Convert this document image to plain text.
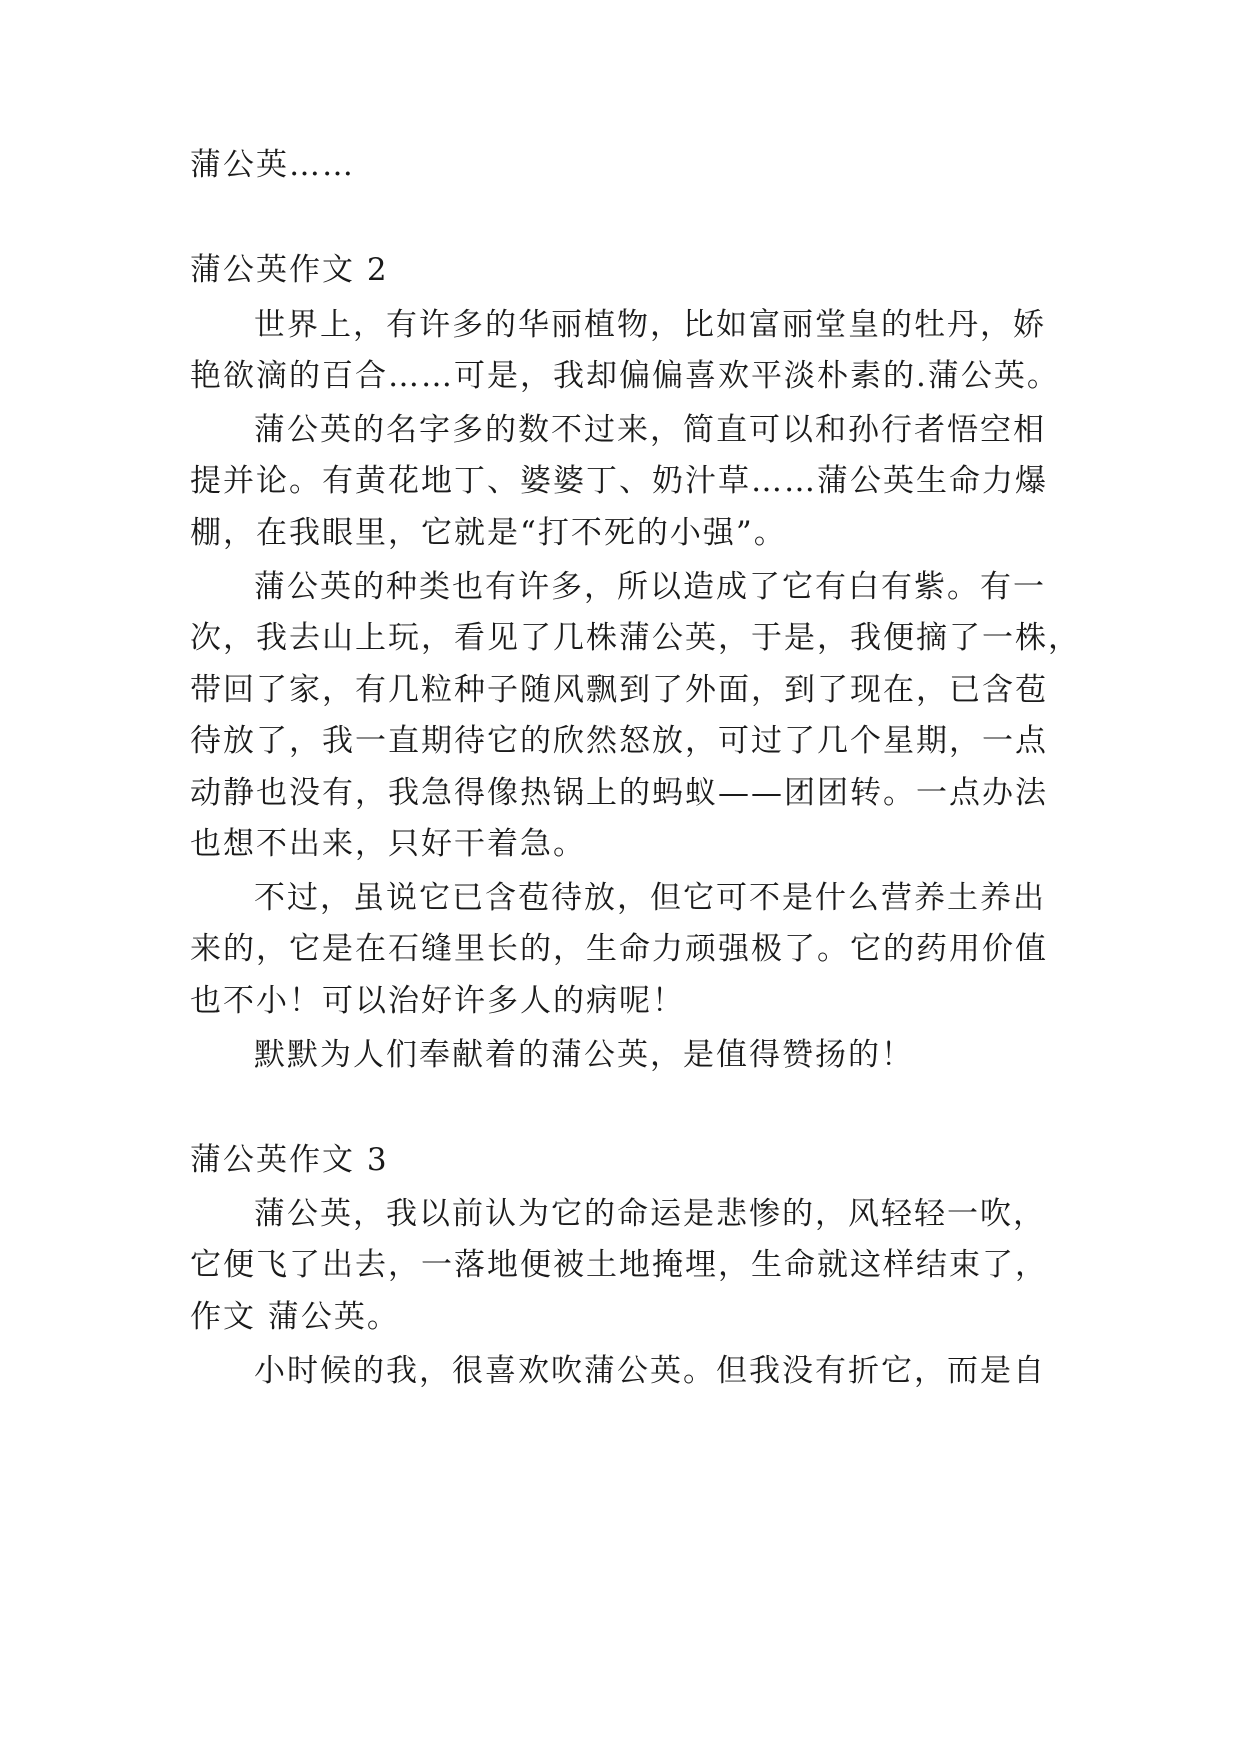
蒲公英……

蒲公英作文 2

世界上，有许多的华丽植物，比如富丽堂皇的牡丹，娇

艳欲滴的百合……可是，我却偏偏喜欢平淡朴素的.蒲公英。

蒲公英的名字多的数不过来，简直可以和孙行者悟空相

提并论。有黄花地丁、婆婆丁、奶汁草……蒲公英生命力爆

棚，在我眼里，它就是“打不死的小强”。

蒲公英的种类也有许多，所以造成了它有白有紫。有一

次，我去山上玩，看见了几株蒲公英，于是，我便摘了一株，

带回了家，有几粒种子随风飘到了外面，到了现在，已含苞

待放了，我一直期待它的欣然怒放，可过了几个星期，一点

动静也没有，我急得像热锅上的蚂蚁——团团转。一点办法

也想不出来，只好干着急。

不过，虽说它已含苞待放，但它可不是什么营养土养出

来的，它是在石缝里长的，生命力顽强极了。它的药用价值

也不小！可以治好许多人的病呢！

默默为人们奉献着的蒲公英，是值得赞扬的！

蒲公英作文 3

蒲公英，我以前认为它的命运是悲惨的，风轻轻一吹，

它便飞了出去，一落地便被土地掩埋，生命就这样结束了，

作文 蒲公英。

小时候的我，很喜欢吹蒲公英。但我没有折它，而是自
